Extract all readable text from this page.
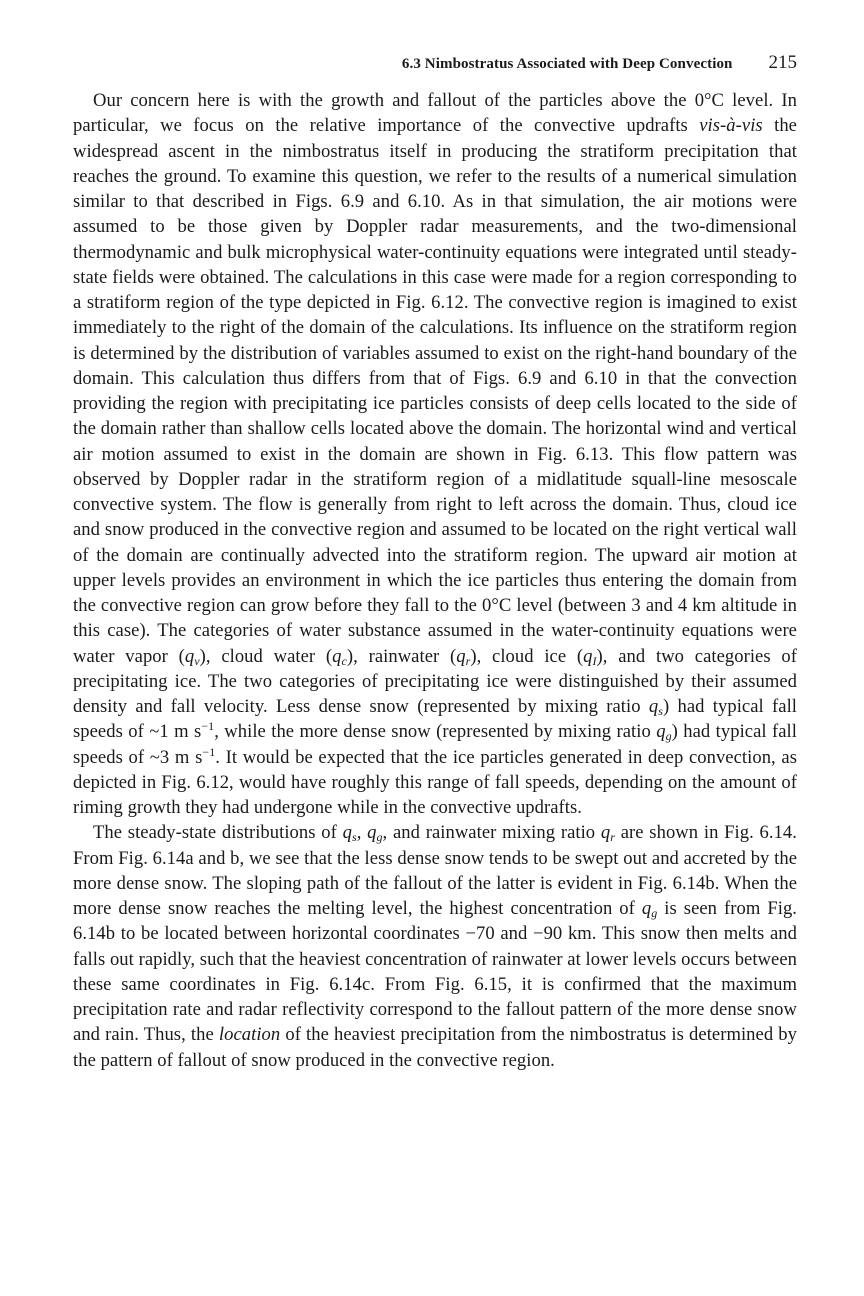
6.3 Nimbostratus Associated with Deep Convection 215

Our concern here is with the growth and fallout of the particles above the 0°C level. In particular, we focus on the relative importance of the convective updrafts vis-à-vis the widespread ascent in the nimbostratus itself in producing the stratiform precipitation that reaches the ground. To examine this question, we refer to the results of a numerical simulation similar to that described in Figs. 6.9 and 6.10. As in that simulation, the air motions were assumed to be those given by Doppler radar measurements, and the two-dimensional thermodynamic and bulk microphysical water-continuity equations were integrated until steady-state fields were obtained. The calculations in this case were made for a region corresponding to a stratiform region of the type depicted in Fig. 6.12. The convective region is imagined to exist immediately to the right of the domain of the calculations. Its influence on the stratiform region is determined by the distribution of variables assumed to exist on the right-hand boundary of the domain. This calculation thus differs from that of Figs. 6.9 and 6.10 in that the convection providing the region with precipitating ice particles consists of deep cells located to the side of the domain rather than shallow cells located above the domain. The horizontal wind and vertical air motion assumed to exist in the domain are shown in Fig. 6.13. This flow pattern was observed by Doppler radar in the stratiform region of a midlatitude squall-line mesoscale convective system. The flow is generally from right to left across the domain. Thus, cloud ice and snow produced in the convective region and assumed to be located on the right vertical wall of the domain are continually advected into the stratiform region. The upward air motion at upper levels provides an environment in which the ice particles thus entering the domain from the convective region can grow before they fall to the 0°C level (between 3 and 4 km altitude in this case). The categories of water substance assumed in the water-continuity equations were water vapor $(q_v)$, cloud water $(q_c)$, rainwater $(q_r)$, cloud ice $(q_I)$, and two categories of precipitating ice. The two categories of precipitating ice were distinguished by their assumed density and fall velocity. Less dense snow (represented by mixing ratio $q_s$) had typical fall speeds of ~1 m $s^{-1}$, while the more dense snow (represented by mixing ratio $q_g$) had typical fall speeds of ~3 m $s^{-1}$. It would be expected that the ice particles generated in deep convection, as depicted in Fig. 6.12, would have roughly this range of fall speeds, depending on the amount of riming growth they had undergone while in the convective updrafts.

The steady-state distributions of $q_s$, $q_g$, and rainwater mixing ratio $q_r$ are shown in Fig. 6.14. From Fig. 6.14a and b, we see that the less dense snow tends to be swept out and accreted by the more dense snow. The sloping path of the fallout of the latter is evident in Fig. 6.14b. When the more dense snow reaches the melting level, the highest concentration of $q_g$ is seen from Fig. 6.14b to be located between horizontal coordinates −70 and −90 km. This snow then melts and falls out rapidly, such that the heaviest concentration of rainwater at lower levels occurs between these same coordinates in Fig. 6.14c. From Fig. 6.15, it is confirmed that the maximum precipitation rate and radar reflectivity correspond to the fallout pattern of the more dense snow and rain. Thus, the location of the heaviest precipitation from the nimbostratus is determined by the pattern of fallout of snow produced in the convective region.
